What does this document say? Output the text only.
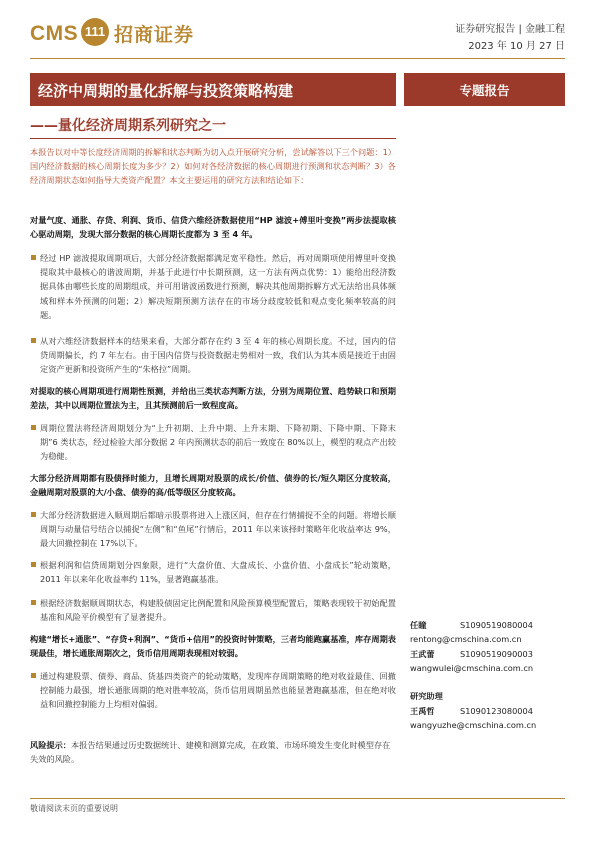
CMS 111 招商证券	证券研究报告 | 金融工程
2023 年 10 月 27 日
经济中周期的量化拆解与投资策略构建	专题报告
——量化经济周期系列研究之一
本报告以对中等长度经济周期的拆解和状态判断为切入点开展研究分析，尝试解答以下三个问题：1）国内经济数据的核心周期长度为多少？2）如何对各经济数据的核心周期进行预测和状态判断？3）各经济周期状态如何指导大类资产配置？本文主要运用的研究方法和结论如下：
对量气度、通胀、存贷、利润、货币、信贷六维经济数据使用“HP 滤波+傅里叶变换”两步法提取核心驱动周期，发现大部分数据的核心周期长度都为 3 至 4 年。
经过 HP 滤波提取周期项后，大部分经济数据都满足宽平稳性。然后，再对周期项使用傅里叶变换提取其中最核心的谐波周期，并基于此进行中长期预测，这一方法有两点优势：1）能给出经济数据具体由哪些长度的周期组成，并可用谐波函数进行预测，解决其他周期拆解方式无法给出具体频域和样本外预测的问题；2）解决短期预测方法存在的市场分歧度较低和观点变化频率较高的问题。
从对六维经济数据样本的结果来看，大部分都存在约 3 至 4 年的核心周期长度。不过，国内的信贷周期偏长，约 7 年左右。由于国内信贷与投资数据走势相对一致，我们认为其本质是接近于由固定资产更新和投资所产生的“朱格拉”周期。
对提取的核心周期项进行周期性预测，并给出三类状态判断方法，分别为周期位置、趋势缺口和预期差法，其中以周期位置法为主，且其预测前后一致程度高。
周期位置法将经济周期划分为“上升初期、上升中期、上升末期、下降初期、下降中期、下降末期”6 类状态，经过检验大部分数据 2 年内预测状态的前后一致度在 80%以上，模型的观点产出较为稳健。
大部分经济周期都有股债择时能力，且增长周期对股票的成长/价值、债券的长/短久期区分度较高，金融周期对股票的大/小盘、债券的高/低等级区分度较高。
大部分经济数据进入顺周期后都暗示股票将进入上涨区间，但存在行情捕捉不全的问题。将增长顺周期与动量信号结合以捕捉“左侧”和“鱼尾”行情后，2011 年以来该择时策略年化收益率达 9%，最大回撤控制在 17%以下。
根据利润和信贷周期划分四象限，进行“大盘价值、大盘成长、小盘价值、小盘成长”轮动策略，2011 年以来年化收益率约 11%，显著跑赢基准。
根据经济数据顺周期状态，构建股债固定比例配置和风险预算模型配置后，策略表现较于初始配置基准和风险平价模型有了显著提升。
构建“增长+通胀”、“存贷+利润”、“货币+信用”的投资时钟策略，三者均能跑赢基准，库存周期表现最佳，增长通胀周期次之，货币信用周期表现相对较弱。
通过构建股票、债券、商品、货基四类资产的轮动策略，发现库存周期策略的绝对收益最佳、回撤控制能力最强，增长通胀周期的绝对胜率较高，货币信用周期虽然也能显著跑赢基准，但在绝对收益和回撤控制能力上均相对偏弱。
风险提示：本报告结果通过历史数据统计、建模和测算完成，在政策、市场环境发生变化时模型存在失效的风险。
任瞳	S1090519080004
rentong@cmschina.com.cn
王武蕾	S1090519090003
wangwulei@cmschina.com.cn
研究助理
王禹哲	S1090123080004
wangyuzhe@cmschina.com.cn
敬请阅读末页的重要说明
